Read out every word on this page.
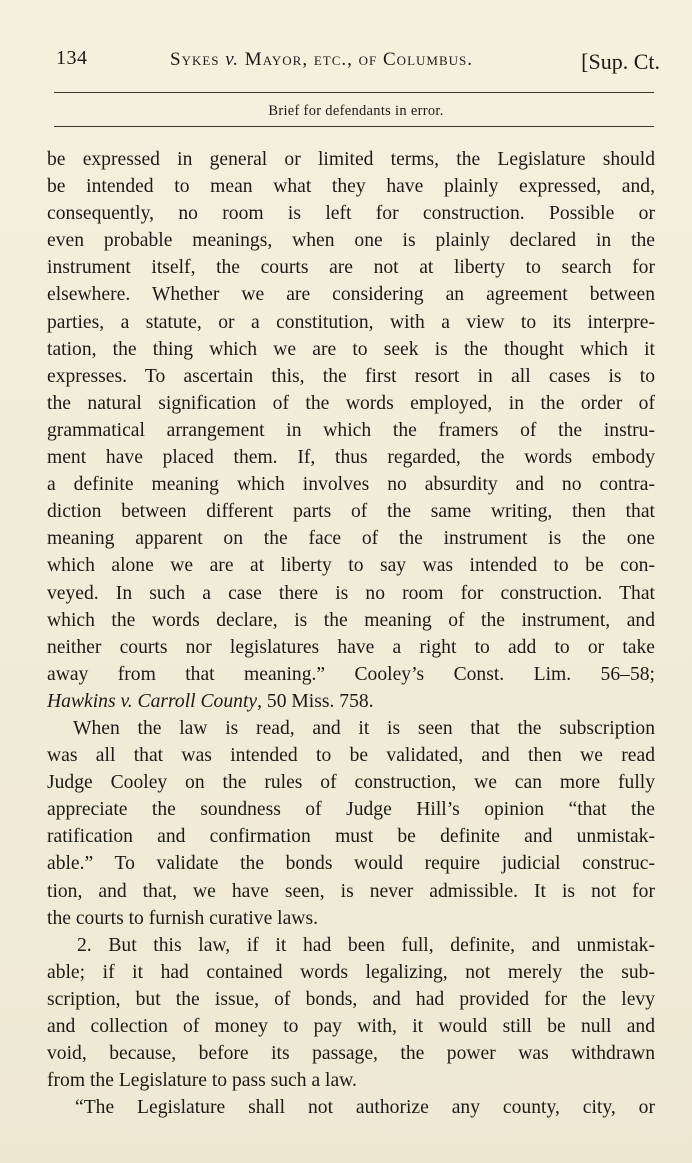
134	Sykes v. Mayor, etc., of Columbus.	[Sup. Ct.
Brief for defendants in error.
be expressed in general or limited terms, the Legislature should
be intended to mean what they have plainly expressed, and,
consequently, no room is left for construction. Possible or
even probable meanings, when one is plainly declared in the
instrument itself, the courts are not at liberty to search for
elsewhere. Whether we are considering an agreement between
parties, a statute, or a constitution, with a view to its interpre-
tation, the thing which we are to seek is the thought which it
expresses. To ascertain this, the first resort in all cases is to
the natural signification of the words employed, in the order of
grammatical arrangement in which the framers of the instru-
ment have placed them. If, thus regarded, the words embody
a definite meaning which involves no absurdity and no contra-
diction between different parts of the same writing, then that
meaning apparent on the face of the instrument is the one
which alone we are at liberty to say was intended to be con-
veyed. In such a case there is no room for construction. That
which the words declare, is the meaning of the instrument, and
neither courts nor legislatures have a right to add to or take
away from that meaning.” Cooley’s Const. Lim. 56–58;
Hawkins v. Carroll County, 50 Miss. 758.
When the law is read, and it is seen that the subscription
was all that was intended to be validated, and then we read
Judge Cooley on the rules of construction, we can more fully
appreciate the soundness of Judge Hill’s opinion “that the
ratification and confirmation must be definite and unmistak-
able.” To validate the bonds would require judicial construc-
tion, and that, we have seen, is never admissible. It is not for
the courts to furnish curative laws.
2. But this law, if it had been full, definite, and unmistak-
able; if it had contained words legalizing, not merely the sub-
scription, but the issue, of bonds, and had provided for the levy
and collection of money to pay with, it would still be null and
void, because, before its passage, the power was withdrawn
from the Legislature to pass such a law.
“The Legislature shall not authorize any county, city, or
